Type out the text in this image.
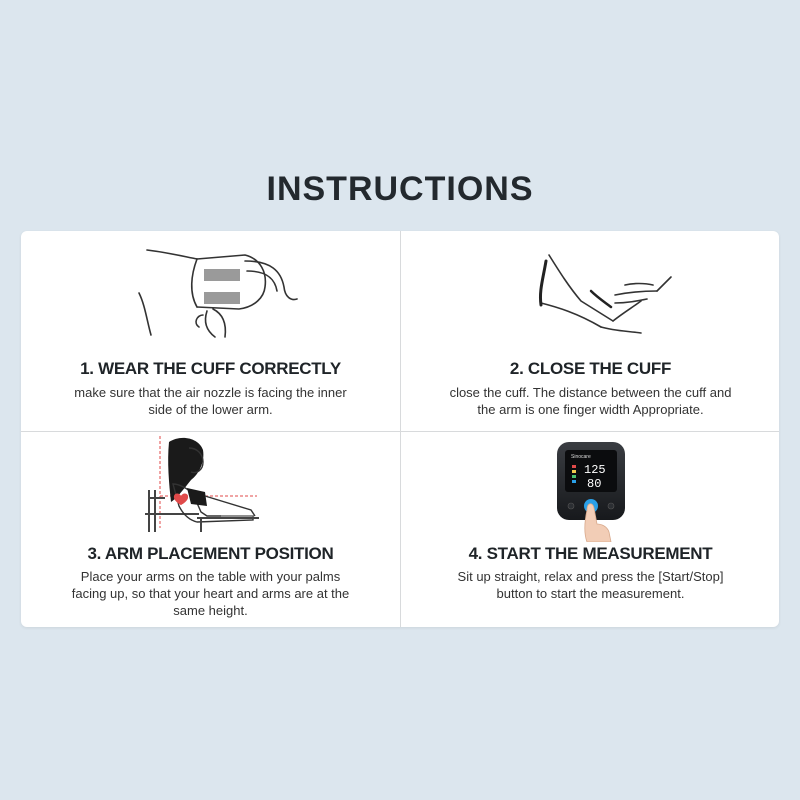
INSTRUCTIONS
1. WEAR THE CUFF CORRECTLY
make sure that the air nozzle is facing the inner
side of the lower arm.
2. CLOSE THE CUFF
close the cuff. The distance between the cuff and
the arm is one finger width Appropriate.
3. ARM PLACEMENT POSITION
Place your arms on the table with your palms
facing up, so that your heart and arms are at the
same height.
Sinocare
125
80
4. START THE MEASUREMENT
Sit up straight, relax and press the [Start/Stop]
button to start the measurement.
